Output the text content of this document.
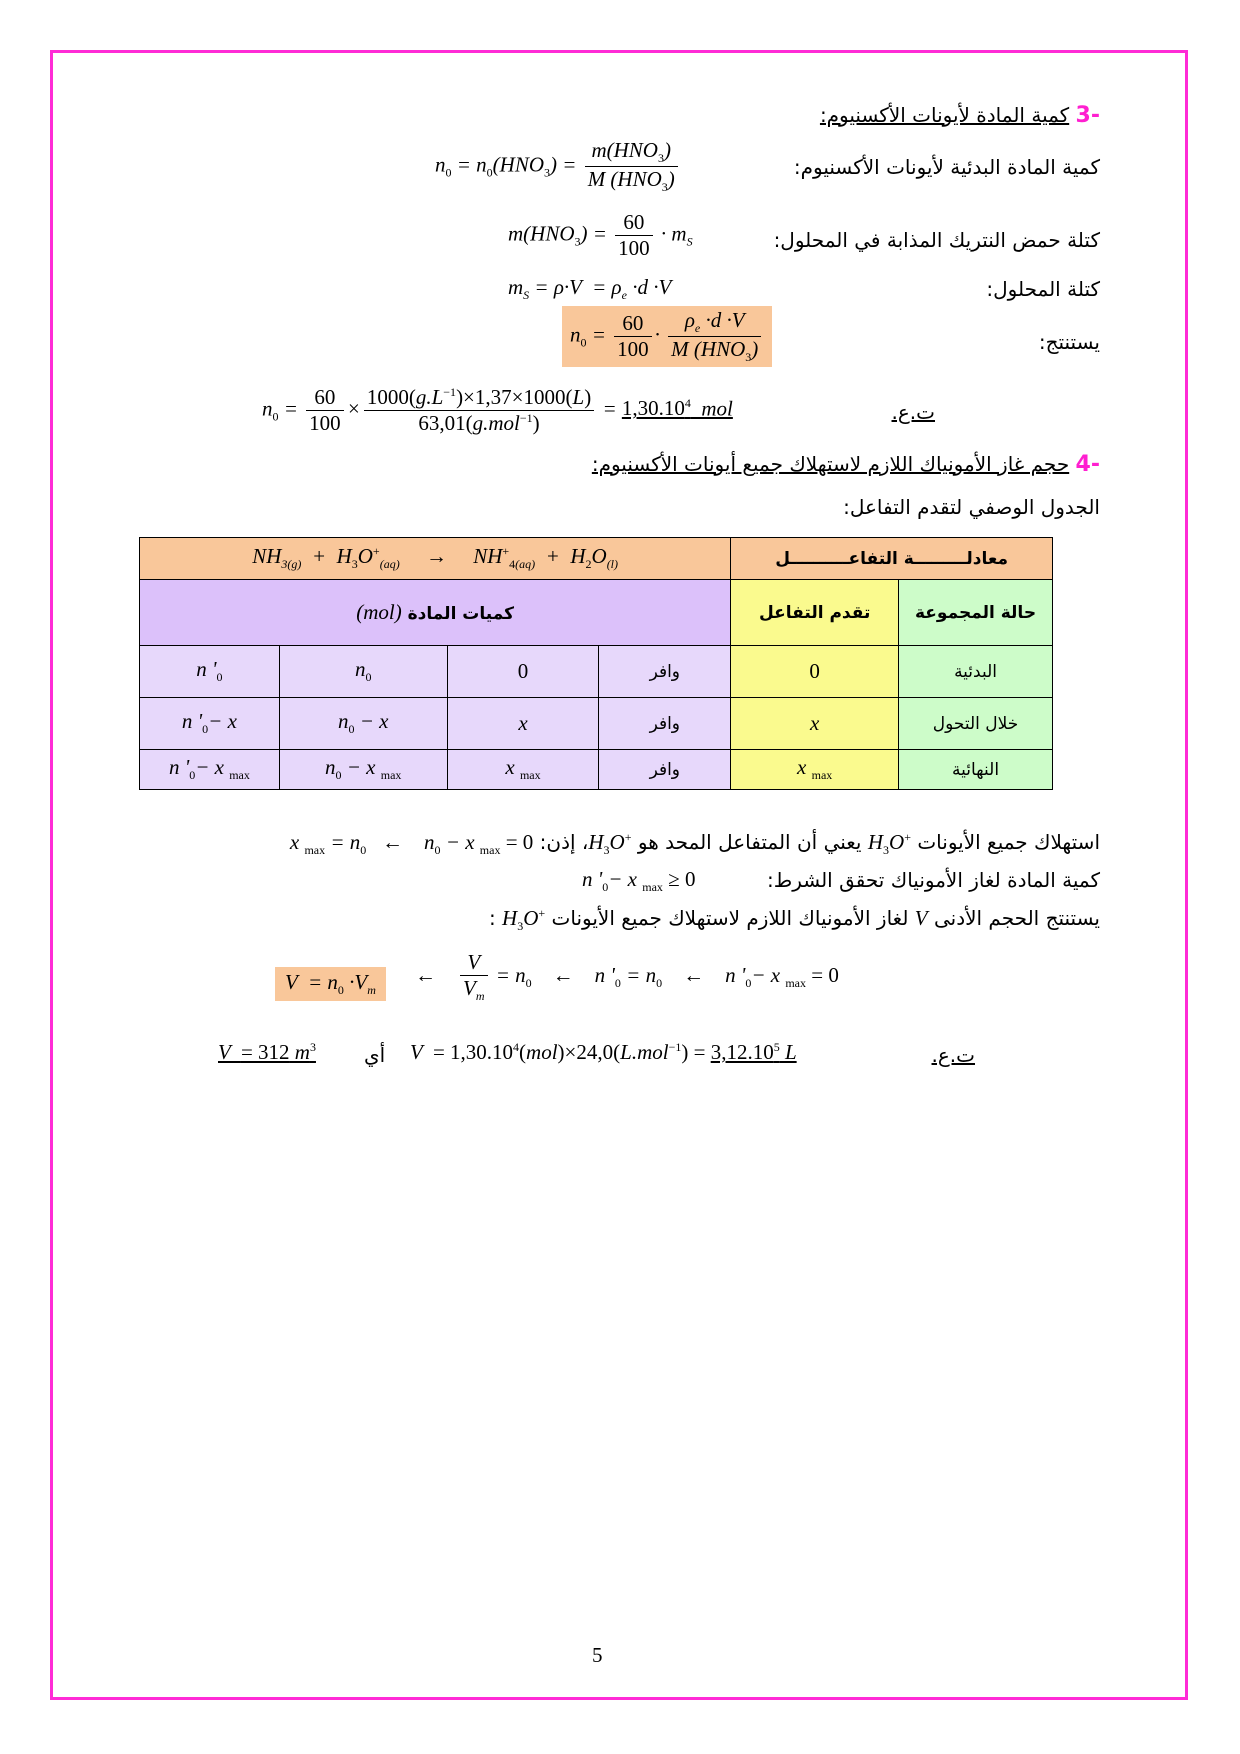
-3 كمية المادة لأيونات الأكسنيوم:
كمية المادة البدئية لأيونات الأكسنيوم:
$n_0 = n_0(HNO_3) = \frac{m(HNO_3)}{M (HNO_3)}$
كتلة حمض النتريك المذابة في المحلول:
$m(HNO_3) = \frac{60}{100} \cdot m_S$
كتلة المحلول:
$m_S = \rho\cdot V = \rho_e \cdot d \cdot V$
يستنتج:
$n_0 = \frac{60}{100} \cdot \frac{\rho_e \cdot d \cdot V}{M (HNO_3)}$
ت.ع.
$n_0 = \frac{60}{100} \times \frac{1000(g.L^{-1})\times 1,37\times 1000(L)}{63,01(g.mol^{-1})} = 1,30.10^4$  mol
-4 حجم غاز الأمونياك اللازم لاستهلاك جميع أيونات الأكسنيوم:
الجدول الوصفي لتقدم التفاعل:
$NH_{3(g)} + H_3O^+_{(aq)}$ →     $NH^+_{4(aq)} + H_2O_{(l)}$				معادلـــــــــة التفاعــــــــــل	
كميات المادة (mol)				تقدم التفاعل	حالة المجموعة
n '$_0$	$n_0$	0	وافر	0	البدئية
n '$_0- x$	$n_0 - x$	x	وافر	x	خلال التحول
n '$_0- x$ $_{max}$	$n_0 - x$ $_{max}$	x $_{max}$	وافر	x $_{max}$	النهائية
استهلاك جميع الأيونات $H_3O^+$ يعني أن المتفاعل المحد هو $H_3O^+،$ إذن: x $_{max} = n_0$ ←    $n_0 - x$ $_{max}$ = 0
كمية المادة لغاز الأمونياك تحقق الشرط:
n '$_0- x$ $_{max}$ ≥ 0
يستنتج الحجم الأدنى V لغاز الأمونياك اللازم لاستهلاك جميع الأيونات $H_3O^+$ :
$V = n_0 \cdot V_m$
← $\frac{V}{V_m} = n_0$ ←    n '$_0 = n_0$ ←    n '$_0- x$ $_{max}$ = 0
ت.ع.
$V = 1,30.10^4(mol)\times 24,0(L.mol^{-1}) = 3,12.10^5$ L
أي
V  = 312 $m^3$
5
